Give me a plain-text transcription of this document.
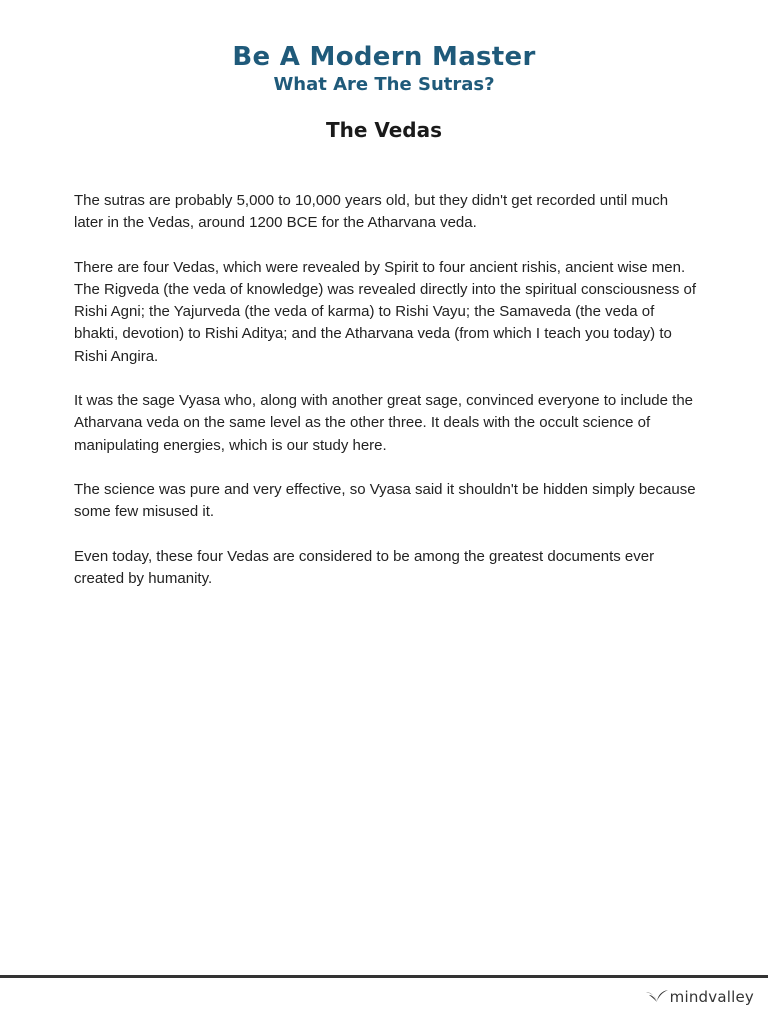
Be A Modern Master
What Are The Sutras?
The Vedas

The sutras are probably 5,000 to 10,000 years old, but they didn't get recorded until much later in the Vedas, around 1200 BCE for the Atharvana veda.

There are four Vedas, which were revealed by Spirit to four ancient rishis, ancient wise men. The Rigveda (the veda of knowledge) was revealed directly into the spiritual consciousness of Rishi Agni; the Yajurveda (the veda of karma) to Rishi Vayu; the Samaveda (the veda of bhakti, devotion) to Rishi Aditya; and the Atharvana veda (from which I teach you today) to Rishi Angira.

It was the sage Vyasa who, along with another great sage, convinced everyone to include the Atharvana veda on the same level as the other three. It deals with the occult science of manipulating energies, which is our study here.

The science was pure and very effective, so Vyasa said it shouldn't be hidden simply because some few misused it.

Even today, these four Vedas are considered to be among the greatest documents ever created by humanity.

mindvalley
